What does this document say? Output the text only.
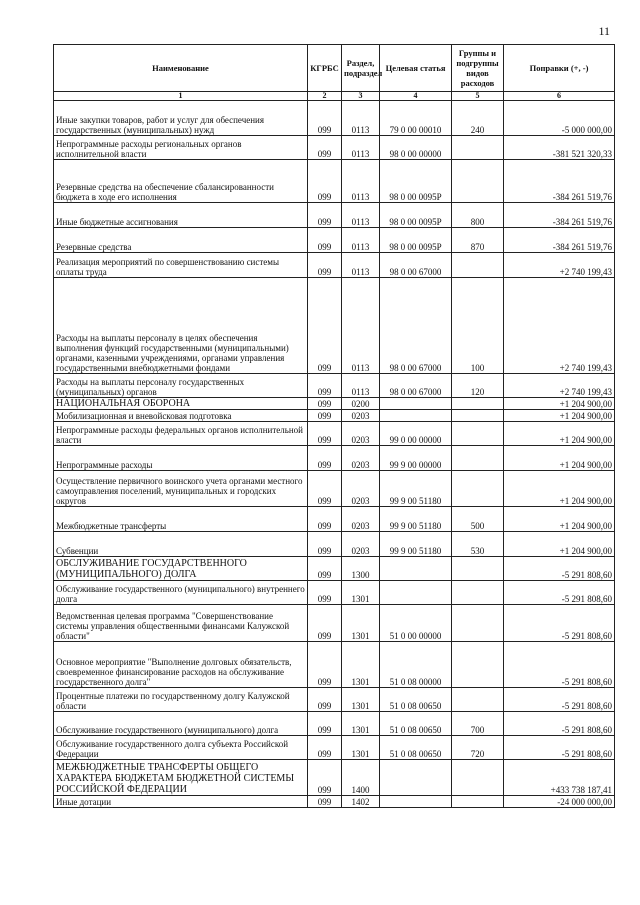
11
Наименование	КГРБС	Раздел, подраздел	Целевая статья	Группы и подгруппы видов расходов	Поправки (+, -)
1	2	3	4	5	6
Иные закупки товаров, работ и услуг для обеспечения государственных (муниципальных) нужд	099	0113	79 0 00 00010	240	-5 000 000,00
Непрограммные расходы региональных органов исполнительной власти	099	0113	98 0 00 00000		-381 521 320,33
Резервные средства на обеспечение сбалансированности бюджета в ходе его исполнения	099	0113	98 0 00 0095Р		-384 261 519,76
Иные бюджетные ассигнования	099	0113	98 0 00 0095Р	800	-384 261 519,76
Резервные средства	099	0113	98 0 00 0095Р	870	-384 261 519,76
Реализация мероприятий по совершенствованию системы оплаты труда	099	0113	98 0 00 67000		+2 740 199,43
Расходы на выплаты персоналу в целях обеспечения выполнения функций государственными (муниципальными) органами, казенными учреждениями, органами управления государственными внебюджетными фондами	099	0113	98 0 00 67000	100	+2 740 199,43
Расходы на выплаты персоналу государственных (муниципальных) органов	099	0113	98 0 00 67000	120	+2 740 199,43
НАЦИОНАЛЬНАЯ ОБОРОНА	099	0200			+1 204 900,00
Мобилизационная и вневойсковая подготовка	099	0203			+1 204 900,00
Непрограммные расходы федеральных органов исполнительной власти	099	0203	99 0 00 00000		+1 204 900,00
Непрограммные расходы	099	0203	99 9 00 00000		+1 204 900,00
Осуществление первичного воинского учета органами местного самоуправления поселений, муниципальных и городских округов	099	0203	99 9 00 51180		+1 204 900,00
Межбюджетные трансферты	099	0203	99 9 00 51180	500	+1 204 900,00
Субвенции	099	0203	99 9 00 51180	530	+1 204 900,00
ОБСЛУЖИВАНИЕ ГОСУДАРСТВЕННОГО (МУНИЦИПАЛЬНОГО) ДОЛГА	099	1300			-5 291 808,60
Обслуживание государственного (муниципального) внутреннего долга	099	1301			-5 291 808,60
Ведомственная целевая программа "Совершенствование системы управления общественными финансами Калужской области"	099	1301	51 0 00 00000		-5 291 808,60
Основное мероприятие "Выполнение долговых обязательств, своевременное финансирование расходов на обслуживание государственного долга"	099	1301	51 0 08 00000		-5 291 808,60
Процентные платежи по государственному долгу Калужской области	099	1301	51 0 08 00650		-5 291 808,60
Обслуживание государственного (муниципального) долга	099	1301	51 0 08 00650	700	-5 291 808,60
Обслуживание государственного долга субъекта Российской Федерации	099	1301	51 0 08 00650	720	-5 291 808,60
МЕЖБЮДЖЕТНЫЕ ТРАНСФЕРТЫ ОБЩЕГО ХАРАКТЕРА БЮДЖЕТАМ БЮДЖЕТНОЙ СИСТЕМЫ РОССИЙСКОЙ ФЕДЕРАЦИИ	099	1400			+433 738 187,41
Иные дотации	099	1402			-24 000 000,00
